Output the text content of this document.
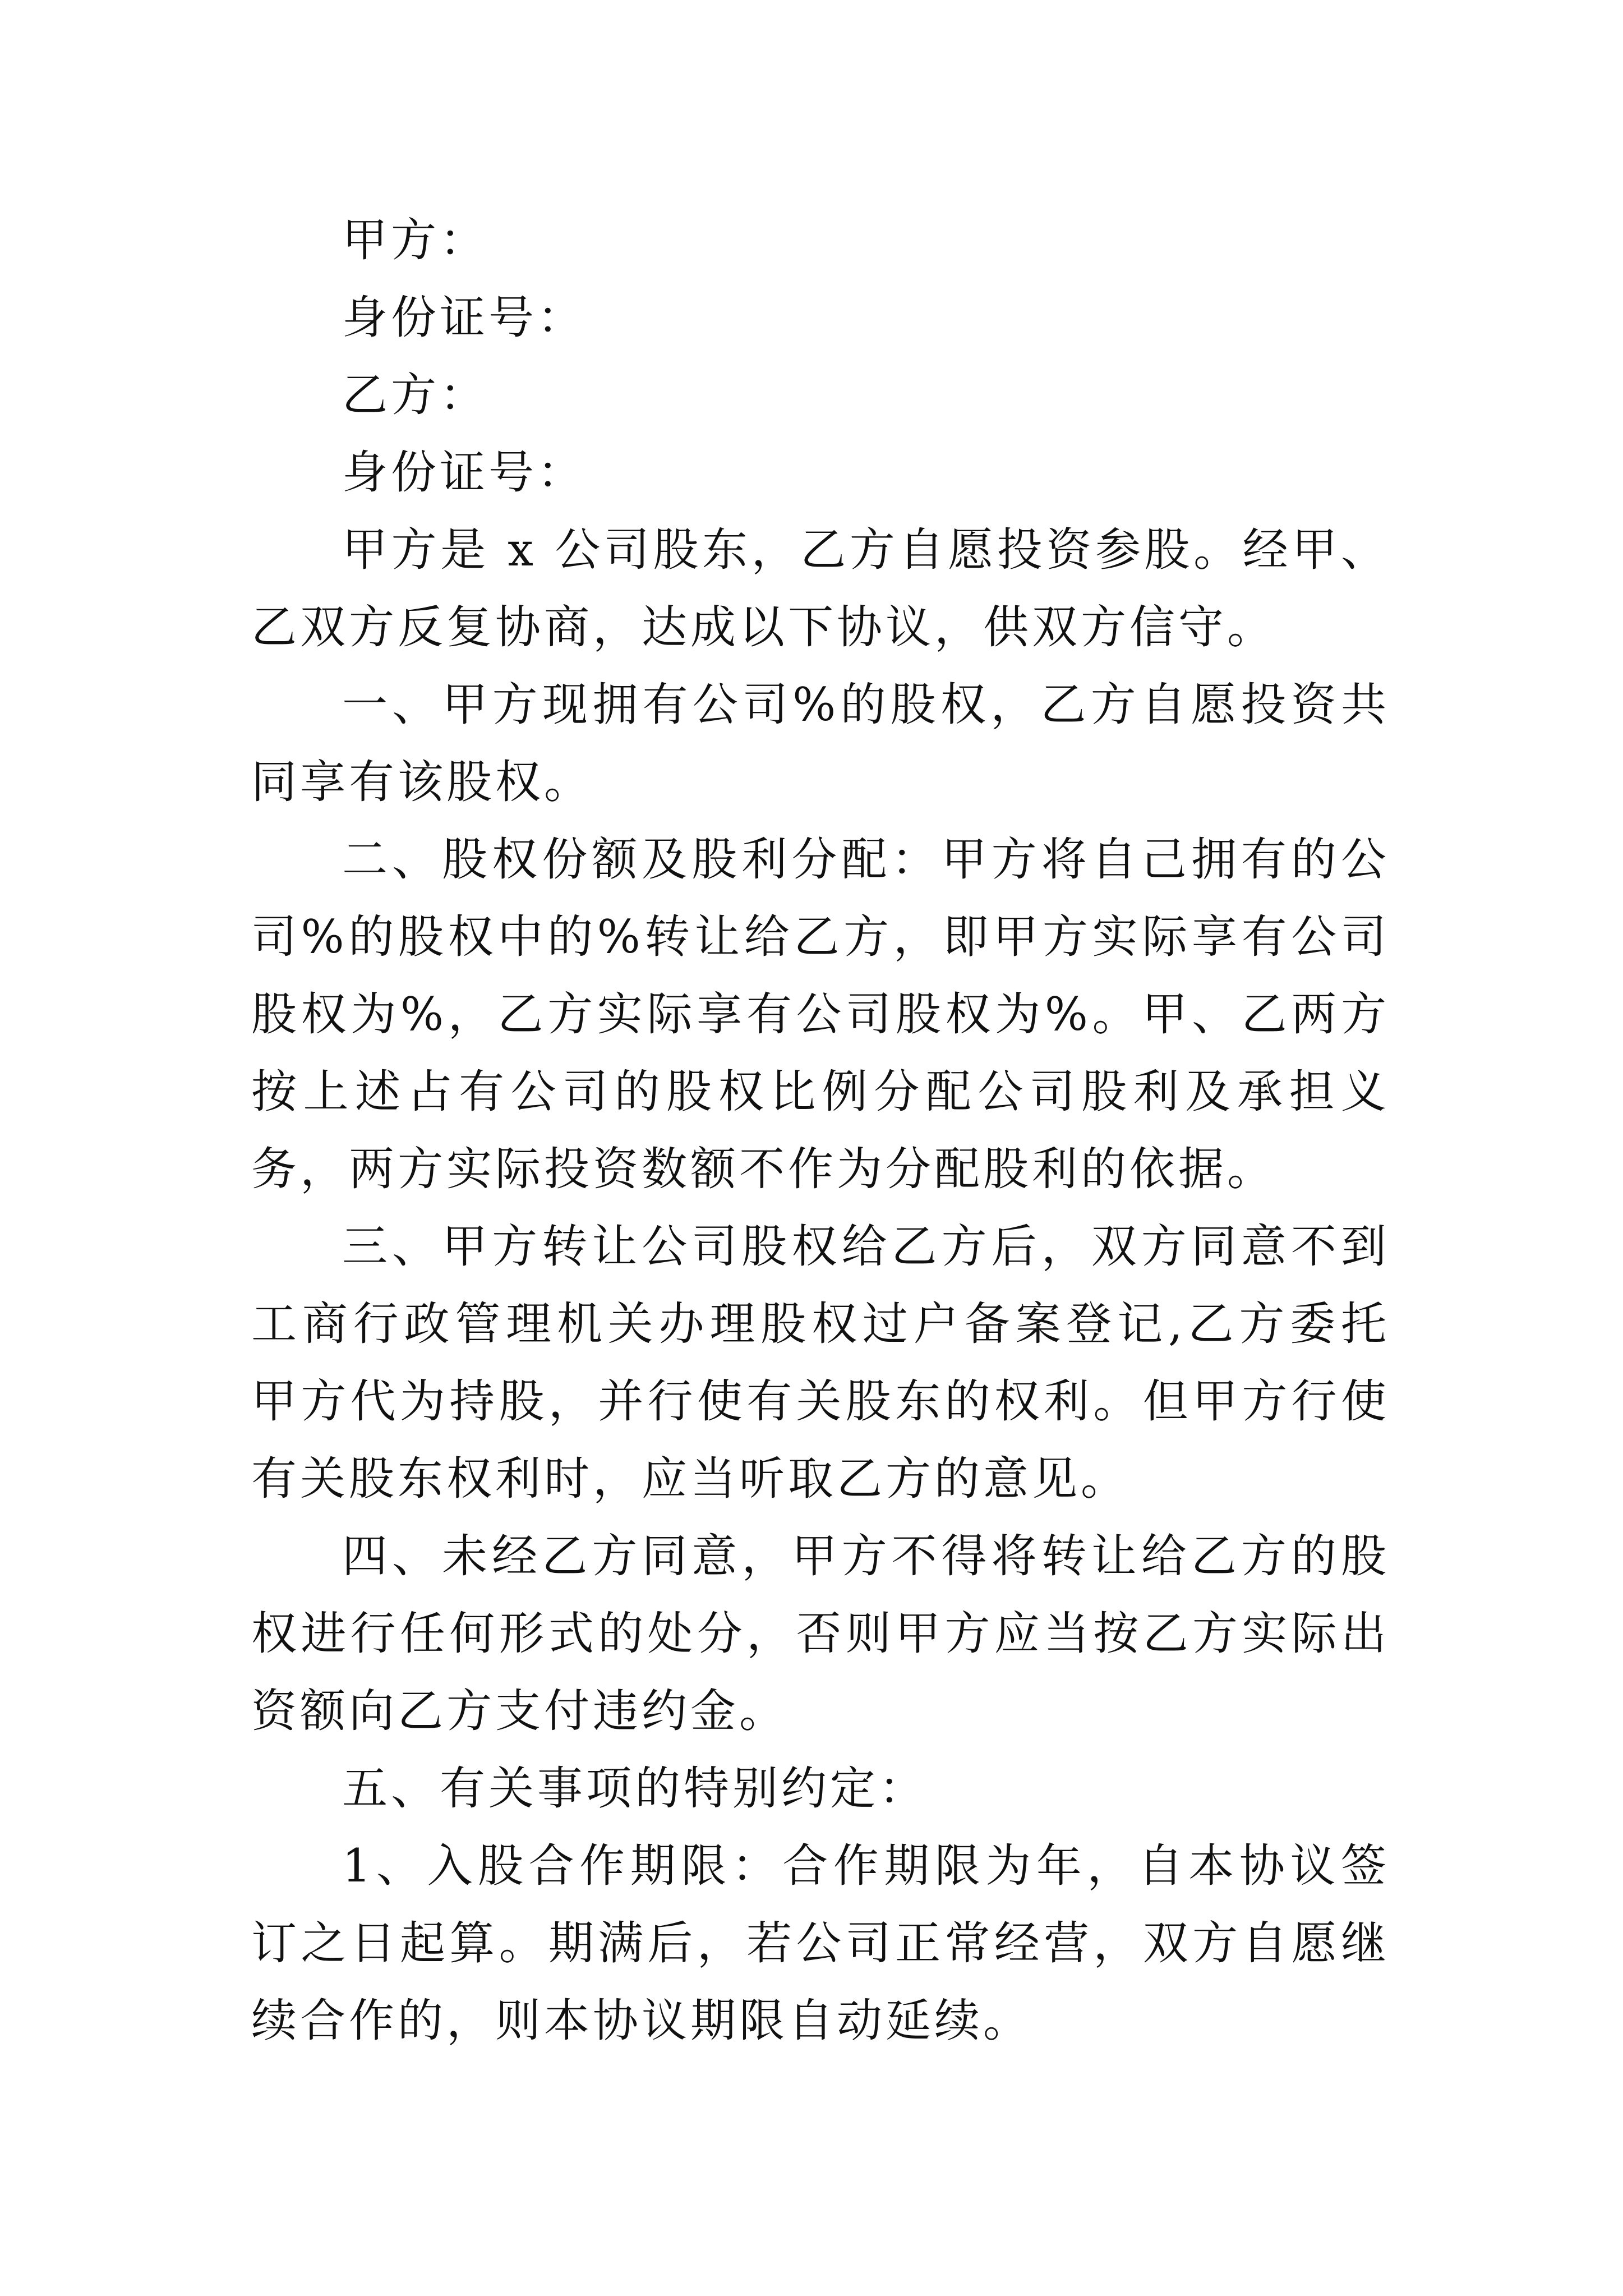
甲方：

身份证号：

乙方：

身份证号：

甲方是 x 公司股东，乙方自愿投资参股。经甲、乙双方反复协商，达成以下协议，供双方信守。

一、甲方现拥有公司%的股权，乙方自愿投资共同享有该股权。

二、股权份额及股利分配：甲方将自己拥有的公司%的股权中的%转让给乙方，即甲方实际享有公司股权为%，乙方实际享有公司股权为%。甲、乙两方按上述占有公司的股权比例分配公司股利及承担义务，两方实际投资数额不作为分配股利的依据。

三、甲方转让公司股权给乙方后，双方同意不到工商行政管理机关办理股权过户备案登记,乙方委托甲方代为持股，并行使有关股东的权利。但甲方行使有关股东权利时，应当听取乙方的意见。

四、未经乙方同意，甲方不得将转让给乙方的股权进行任何形式的处分，否则甲方应当按乙方实际出资额向乙方支付违约金。

五、有关事项的特别约定：

1、入股合作期限：合作期限为年，自本协议签订之日起算。期满后，若公司正常经营，双方自愿继续合作的，则本协议期限自动延续。
